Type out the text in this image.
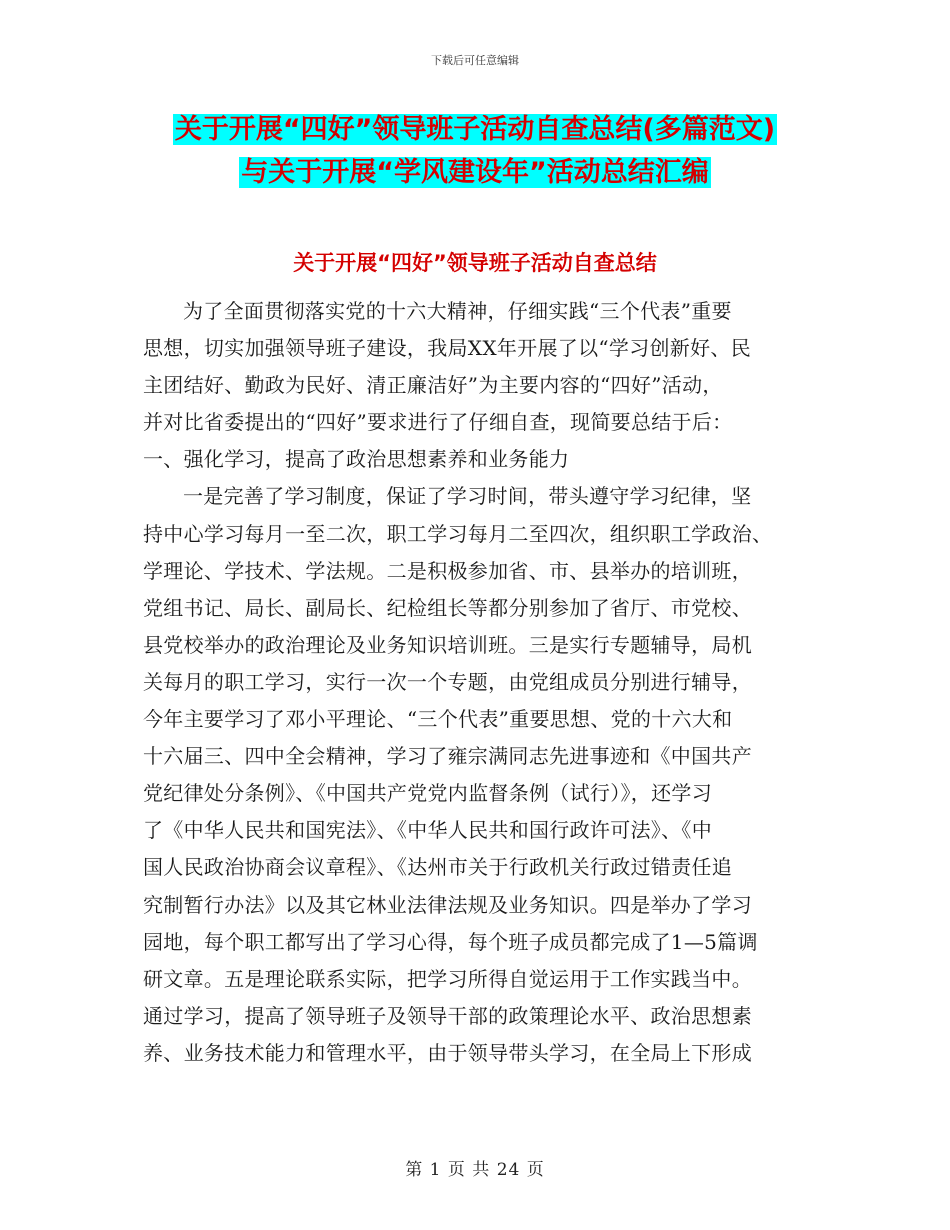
下载后可任意编辑
关于开展“四好”领导班子活动自查总结(多篇范文)
与关于开展“学风建设年”活动总结汇编
关于开展“四好”领导班子活动自查总结
为了全面贯彻落实党的十六大精神，仔细实践“三个代表”重要
思想，切实加强领导班子建设，我局XX年开展了以“学习创新好、民
主团结好、勤政为民好、清正廉洁好”为主要内容的“四好”活动，
并对比省委提出的“四好”要求进行了仔细自查，现简要总结于后：
一、强化学习，提高了政治思想素养和业务能力
一是完善了学习制度，保证了学习时间，带头遵守学习纪律，坚
持中心学习每月一至二次，职工学习每月二至四次，组织职工学政治、
学理论、学技术、学法规。二是积极参加省、市、县举办的培训班，
党组书记、局长、副局长、纪检组长等都分别参加了省厅、市党校、
县党校举办的政治理论及业务知识培训班。三是实行专题辅导，局机
关每月的职工学习，实行一次一个专题，由党组成员分别进行辅导，
今年主要学习了邓小平理论、“三个代表”重要思想、党的十六大和
十六届三、四中全会精神，学习了雍宗满同志先进事迹和《中国共产
党纪律处分条例》、《中国共产党党内监督条例（试行）》，还学习
了《中华人民共和国宪法》、《中华人民共和国行政许可法》、《中
国人民政治协商会议章程》、《达州市关于行政机关行政过错责任追
究制暂行办法》以及其它林业法律法规及业务知识。四是举办了学习
园地，每个职工都写出了学习心得，每个班子成员都完成了1—5篇调
研文章。五是理论联系实际，把学习所得自觉运用于工作实践当中。
通过学习，提高了领导班子及领导干部的政策理论水平、政治思想素
养、业务技术能力和管理水平，由于领导带头学习，在全局上下形成
第 1 页 共 24 页
